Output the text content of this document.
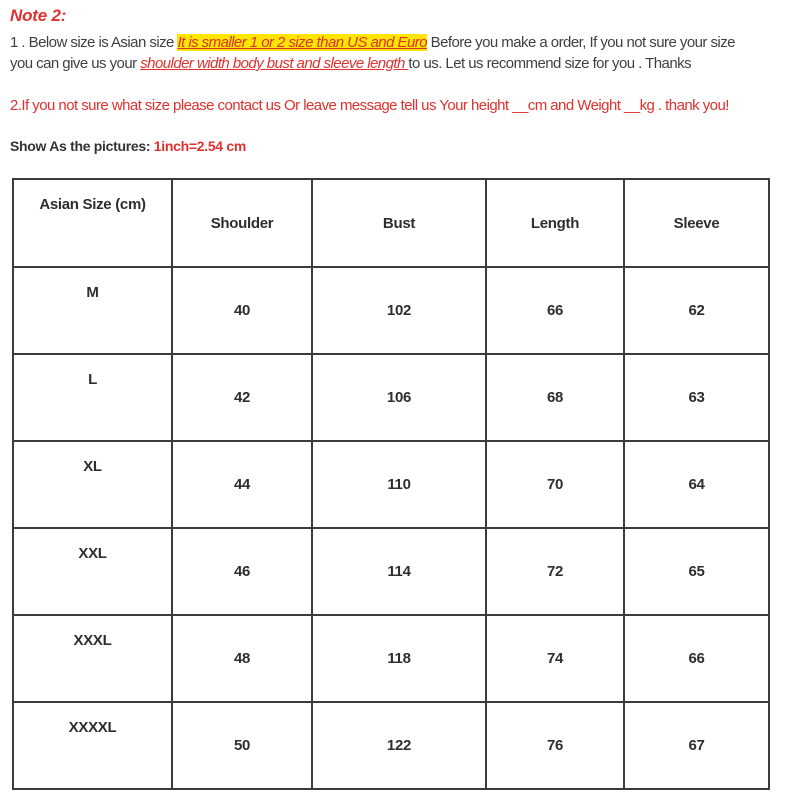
Note 2:
1 . Below size is Asian size It is smaller 1 or 2 size than US and Euro Before you make a order, If you not sure your size
you can give us your shoulder width body bust and sleeve length to us. Let us recommend size for you . Thanks
2.If you not sure what size please contact us Or leave message tell us Your height __cm and Weight __kg . thank you!
Show As the pictures: 1inch=2.54 cm
Asian Size (cm)	Shoulder	Bust	Length	Sleeve
M	40	102	66	62
L	42	106	68	63
XL	44	110	70	64
XXL	46	114	72	65
XXXL	48	118	74	66
XXXXL	50	122	76	67
